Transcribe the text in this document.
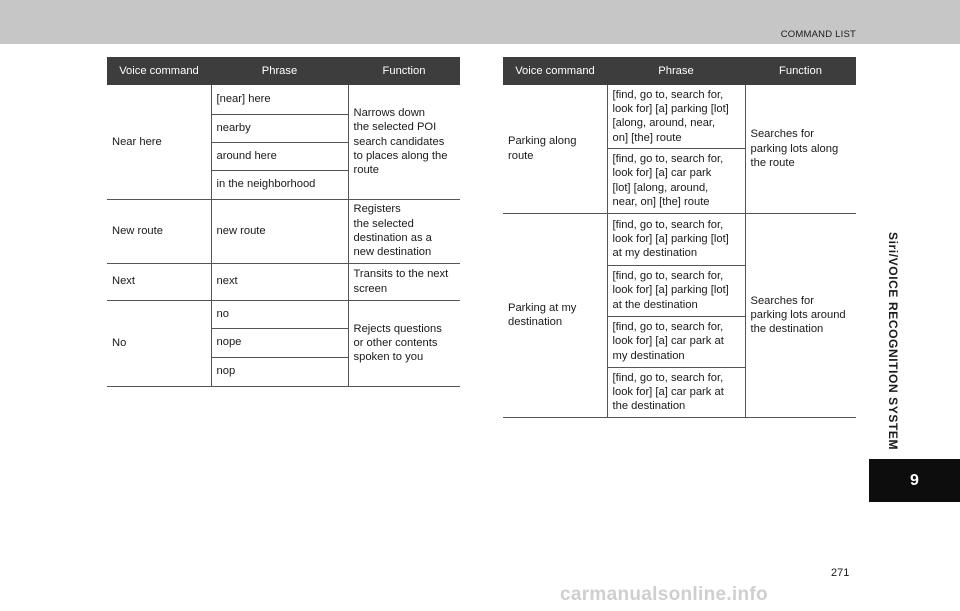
COMMAND LIST
Siri/VOICE RECOGNITION SYSTEM
9
Voice command	Phrase	Function
Near here	[near] here	Narrows down
the selected POI
search candidates
to places along the
route
	nearby	
	around here	
	in the neighborhood	
New route	new route	Registers
the selected
destination as a
new destination
Next	next	Transits to the next
screen
No	no	Rejects questions
or other contents
spoken to you
	nope	
	nop	
Voice command	Phrase	Function
Parking along
route	[find, go to, search for,
look for] [a] parking [lot]
[along, around, near,
on] [the] route	Searches for
parking lots along
the route
	[find, go to, search for,
look for] [a] car park
[lot] [along, around,
near, on] [the] route	
Parking at my
destination	[find, go to, search for,
look for] [a] parking [lot]
at my destination	Searches for
parking lots around
the destination
	[find, go to, search for,
look for] [a] parking [lot]
at the destination	
	[find, go to, search for,
look for] [a] car park at
my destination	
	[find, go to, search for,
look for] [a] car park at
the destination	
271
carmanualsonline.info
